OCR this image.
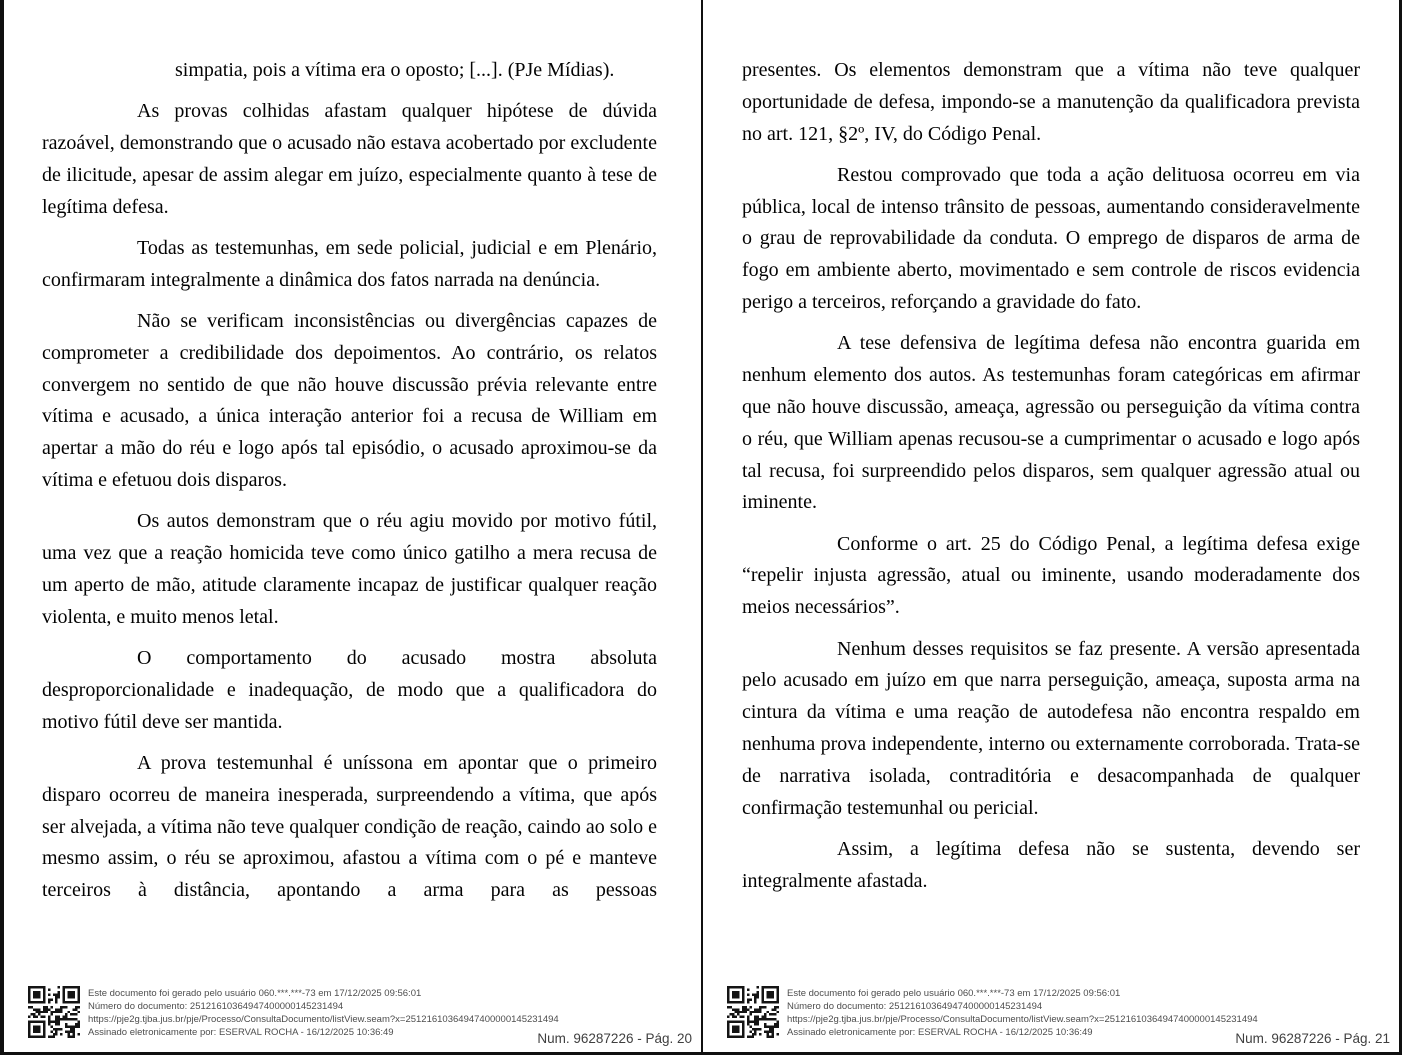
simpatia, pois a vítima era o oposto; [...]. (PJe Mídias).

As provas colhidas afastam qualquer hipótese de dúvida razoável, demonstrando que o acusado não estava acobertado por excludente de ilicitude, apesar de assim alegar em juízo, especialmente quanto à tese de legítima defesa.

Todas as testemunhas, em sede policial, judicial e em Plenário, confirmaram integralmente a dinâmica dos fatos narrada na denúncia.

Não se verificam inconsistências ou divergências capazes de comprometer a credibilidade dos depoimentos. Ao contrário, os relatos convergem no sentido de que não houve discussão prévia relevante entre vítima e acusado, a única interação anterior foi a recusa de William em apertar a mão do réu e logo após tal episódio, o acusado aproximou-se da vítima e efetuou dois disparos.

Os autos demonstram que o réu agiu movido por motivo fútil, uma vez que a reação homicida teve como único gatilho a mera recusa de um aperto de mão, atitude claramente incapaz de justificar qualquer reação violenta, e muito menos letal.

O comportamento do acusado mostra absoluta desproporcionalidade e inadequação, de modo que a qualificadora do motivo fútil deve ser mantida.

A prova testemunhal é uníssona em apontar que o primeiro disparo ocorreu de maneira inesperada, surpreendendo a vítima, que após ser alvejada, a vítima não teve qualquer condição de reação, caindo ao solo e mesmo assim, o réu se aproximou, afastou a vítima com o pé e manteve terceiros à distância, apontando a arma para as pessoas

Este documento foi gerado pelo usuário 060.***.***-73 em 17/12/2025 09:56:01
Número do documento: 25121610364947400000145231494
https://pje2g.tjba.jus.br/pje/Processo/ConsultaDocumento/listView.seam?x=25121610364947400000145231494
Assinado eletronicamente por: ESERVAL ROCHA - 16/12/2025 10:36:49	Num. 96287226 - Pág. 20

presentes. Os elementos demonstram que a vítima não teve qualquer oportunidade de defesa, impondo-se a manutenção da qualificadora prevista no art. 121, §2º, IV, do Código Penal.

Restou comprovado que toda a ação delituosa ocorreu em via pública, local de intenso trânsito de pessoas, aumentando consideravelmente o grau de reprovabilidade da conduta. O emprego de disparos de arma de fogo em ambiente aberto, movimentado e sem controle de riscos evidencia perigo a terceiros, reforçando a gravidade do fato.

A tese defensiva de legítima defesa não encontra guarida em nenhum elemento dos autos. As testemunhas foram categóricas em afirmar que não houve discussão, ameaça, agressão ou perseguição da vítima contra o réu, que William apenas recusou-se a cumprimentar o acusado e logo após tal recusa, foi surpreendido pelos disparos, sem qualquer agressão atual ou iminente.

Conforme o art. 25 do Código Penal, a legítima defesa exige “repelir injusta agressão, atual ou iminente, usando moderadamente dos meios necessários”.

Nenhum desses requisitos se faz presente. A versão apresentada pelo acusado em juízo em que narra perseguição, ameaça, suposta arma na cintura da vítima e uma reação de autodefesa não encontra respaldo em nenhuma prova independente, interno ou externamente corroborada. Trata-se de narrativa isolada, contraditória e desacompanhada de qualquer confirmação testemunhal ou pericial.

Assim, a legítima defesa não se sustenta, devendo ser integralmente afastada.

Este documento foi gerado pelo usuário 060.***.***-73 em 17/12/2025 09:56:01
Número do documento: 25121610364947400000145231494
https://pje2g.tjba.jus.br/pje/Processo/ConsultaDocumento/listView.seam?x=25121610364947400000145231494
Assinado eletronicamente por: ESERVAL ROCHA - 16/12/2025 10:36:49	Num. 96287226 - Pág. 21
